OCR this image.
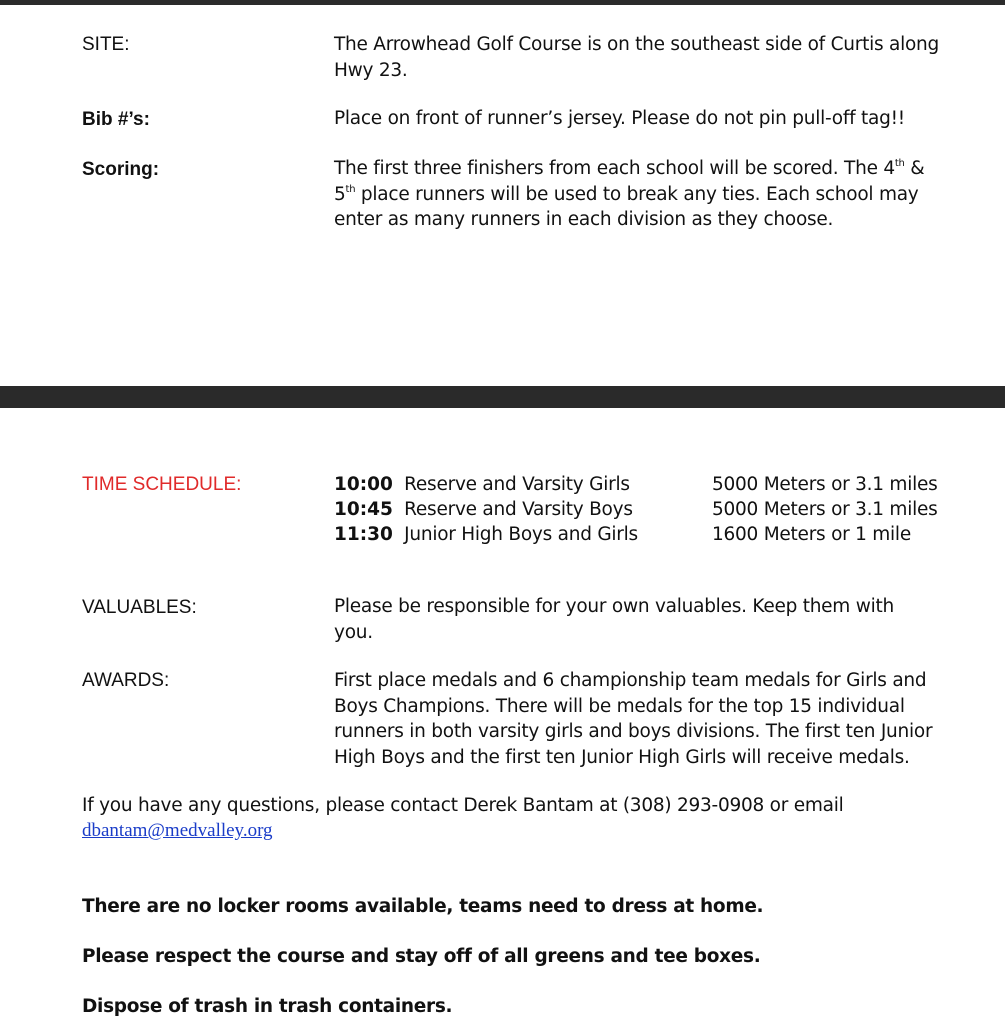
SITE:	The Arrowhead Golf Course is on the southeast side of Curtis along
Hwy 23.
Bib #’s:	Place on front of runner’s jersey. Please do not pin pull-off tag!!
Scoring:	The first three finishers from each school will be scored. The 4th &
5th place runners will be used to break any ties. Each school may
enter as many runners in each division as they choose.
TIME SCHEDULE:	10:00 Reserve and Varsity Girls	5000 Meters or 3.1 miles
10:45 Reserve and Varsity Boys	5000 Meters or 3.1 miles
11:30 Junior High Boys and Girls	1600 Meters or 1 mile
VALUABLES:	Please be responsible for your own valuables. Keep them with
you.
AWARDS:	First place medals and 6 championship team medals for Girls and
Boys Champions. There will be medals for the top 15 individual
runners in both varsity girls and boys divisions. The first ten Junior
High Boys and the first ten Junior High Girls will receive medals.
If you have any questions, please contact Derek Bantam at (308) 293-0908 or email
dbantam@medvalley.org
There are no locker rooms available, teams need to dress at home.
Please respect the course and stay off of all greens and tee boxes.
Dispose of trash in trash containers.
